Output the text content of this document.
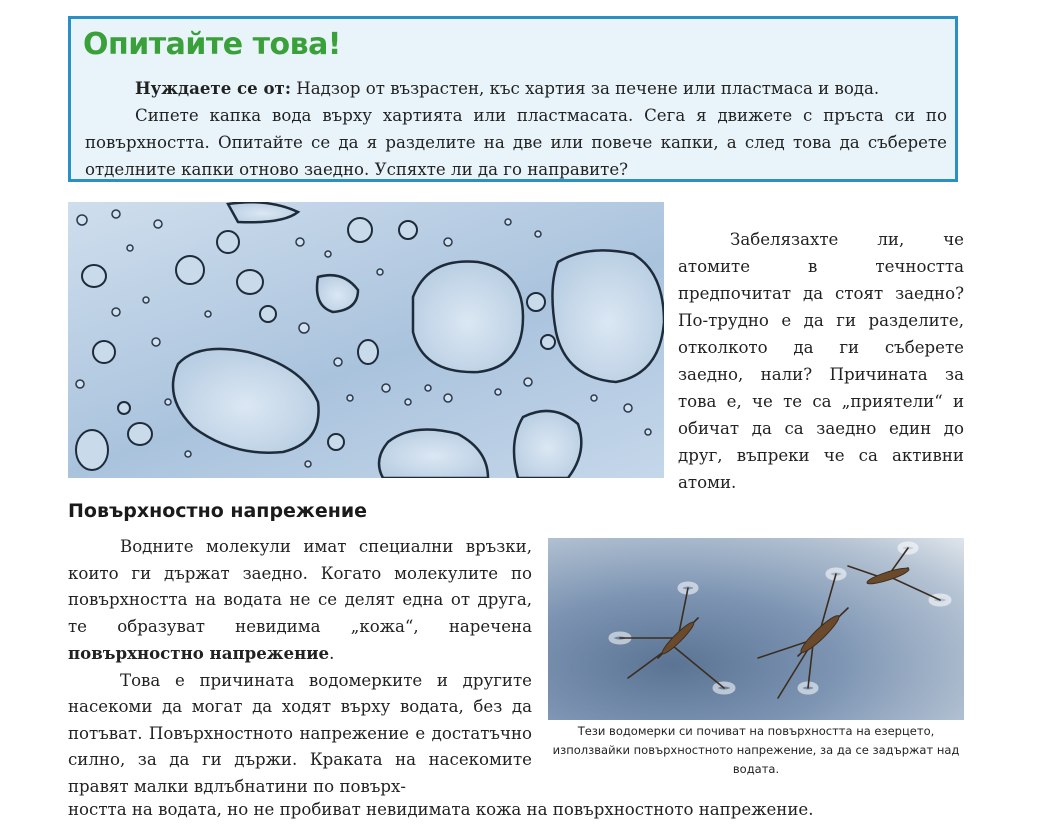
Опитайте това!

Нуждаете се от: Надзор от възрастен, къс хартия за печене или пластмаса и вода.

Сипете капка вода върху хартията или пластмасата. Сега я движете с пръста си по повърхността. Опитайте се да я разделите на две или повече капки, а след това да съберете отделните капки отново заедно. Успяхте ли да го направите?

Забелязахте ли, че атомите в течността предпочитат да стоят заедно? По-трудно е да ги разделите, отколкото да ги съберете заедно, нали? Причината за това е, че те са „приятели“ и обичат да са заедно един до друг, въпреки че са активни атоми.

Повърхностно напрежение

Водните молекули имат специални връзки, които ги държат заедно. Когато молекулите по повърхността на водата не се делят една от друга, те образуват невидима „кожа“, наречена повърхностно напрежение.

Това е причината водомерките и другите насекоми да могат да ходят върху водата, без да потъват. Повърхностното напрежение е достатъчно силно, за да ги държи. Краката на насекомите правят малки вдлъбнатини по повърх-

ността на водата, но не пробиват невидимата кожа на повърхностното напрежение.

Тези водомерки си почиват на повърхността на езерцето, използвайки повърхностното напрежение, за да се задържат над водата.
